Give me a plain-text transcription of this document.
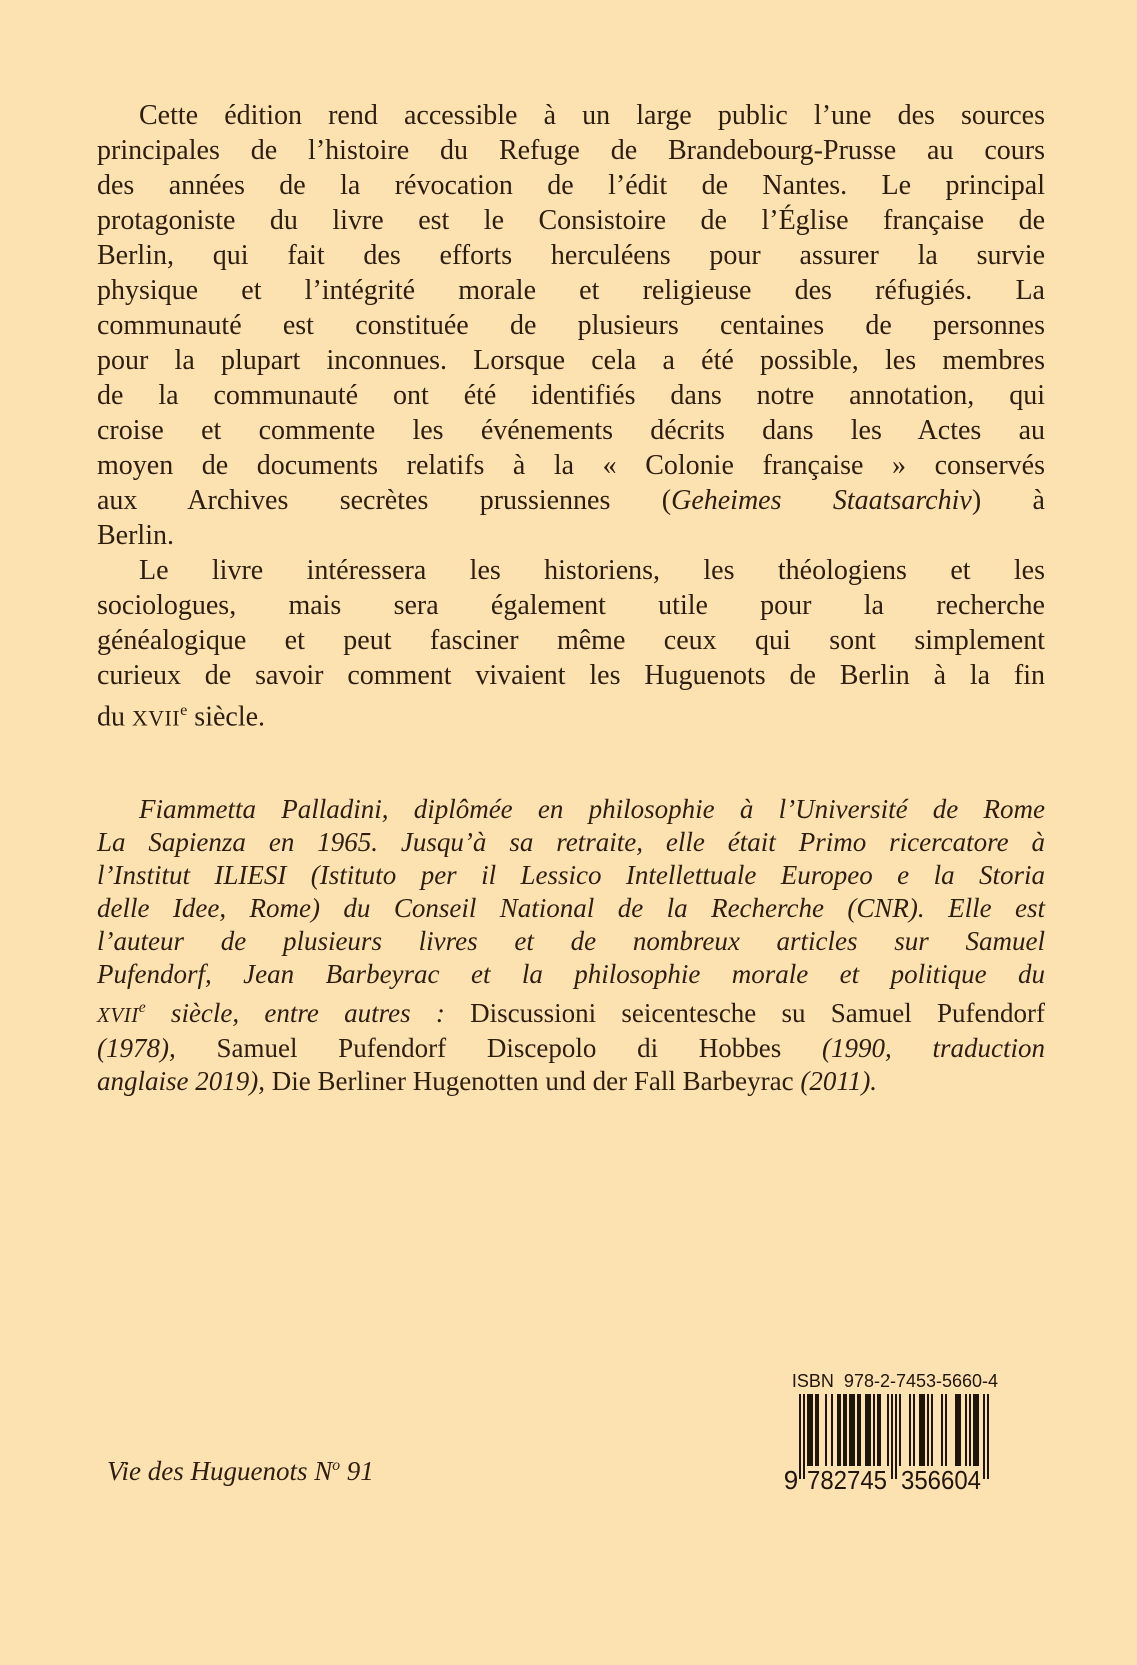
Cette édition rend accessible à un large public l’une des sources
principales de l’histoire du Refuge de Brandebourg-Prusse au cours
des années de la révocation de l’édit de Nantes. Le principal
protagoniste du livre est le Consistoire de l’Église française de
Berlin, qui fait des efforts herculéens pour assurer la survie
physique et l’intégrité morale et religieuse des réfugiés. La
communauté est constituée de plusieurs centaines de personnes
pour la plupart inconnues. Lorsque cela a été possible, les membres
de la communauté ont été identifiés dans notre annotation, qui
croise et commente les événements décrits dans les Actes au
moyen de documents relatifs à la « Colonie française » conservés
aux Archives secrètes prussiennes (Geheimes Staatsarchiv) à
Berlin.
Le livre intéressera les historiens, les théologiens et les
sociologues, mais sera également utile pour la recherche
généalogique et peut fasciner même ceux qui sont simplement
curieux de savoir comment vivaient les Huguenots de Berlin à la fin
du XVIIe siècle.
Fiammetta Palladini, diplômée en philosophie à l’Université de Rome
La Sapienza en 1965. Jusqu’à sa retraite, elle était Primo ricercatore à
l’Institut ILIESI (Istituto per il Lessico Intellettuale Europeo e la Storia
delle Idee, Rome) du Conseil National de la Recherche (CNR). Elle est
l’auteur de plusieurs livres et de nombreux articles sur Samuel
Pufendorf, Jean Barbeyrac et la philosophie morale et politique du
XVIIe siècle, entre autres : Discussioni seicentesche su Samuel Pufendorf
(1978), Samuel Pufendorf Discepolo di Hobbes (1990, traduction
anglaise 2019), Die Berliner Hugenotten und der Fall Barbeyrac (2011).
ISBN  978-2-7453-5660-4
9 782745 356604
Vie des Huguenots $N^o$ 91
